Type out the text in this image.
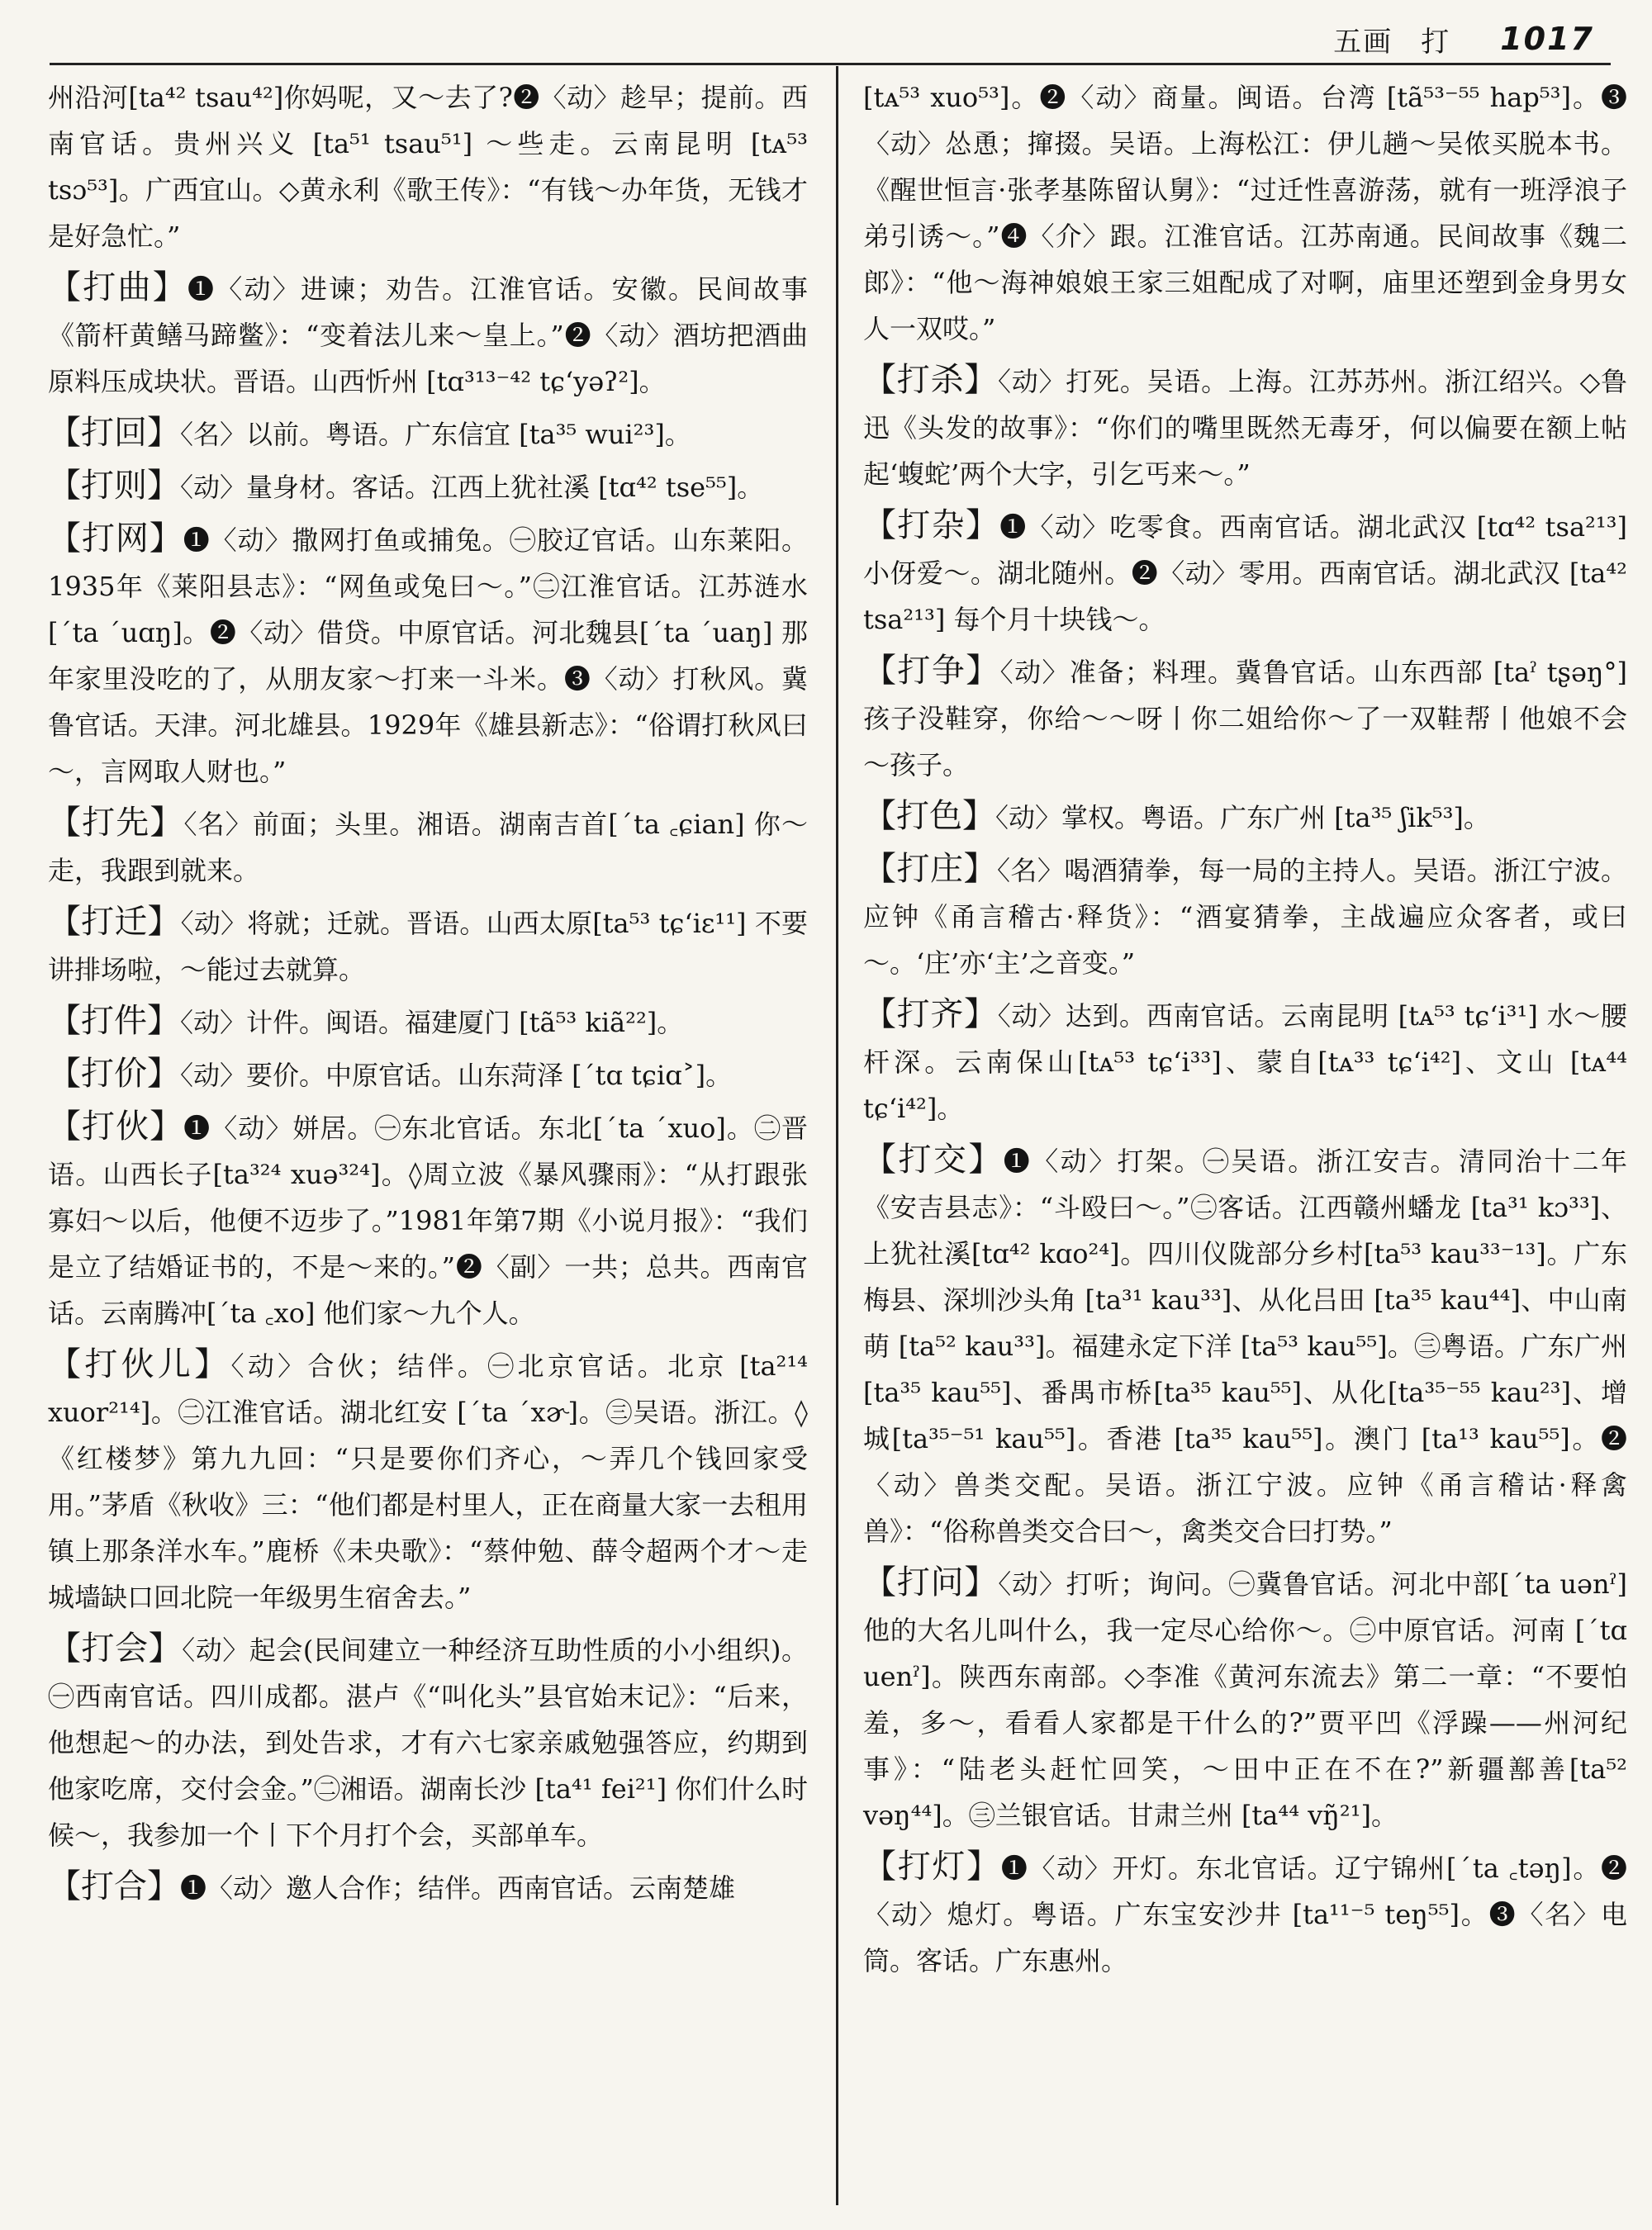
五画 打 1017

州沿河[ta⁴² tsau⁴²]你妈呢，又～去了?❷〈动〉趁早；提前。西南官话。贵州兴义 [ta⁵¹ tsau⁵¹] ～些走。云南昆明 [tᴀ⁵³ tsɔ⁵³]。广西宜山。◇黄永利《歌王传》：“有钱～办年货，无钱才是好急忙。”

【 打曲 】 ❶〈动〉进谏；劝告。江淮官话。安徽。民间故事《箭杆黄鳝马蹄鳖》：“变着法儿来～皇上。”❷〈动〉酒坊把酒曲原料压成块状。晋语。山西忻州 [tɑ³¹³⁻⁴² tɕʻyəʔ²]。

【 打回 】 〈名〉以前。粤语。广东信宜 [ta³⁵ wui²³]。

【 打则 】 〈动〉量身材。客话。江西上犹社溪 [tɑ⁴² tse⁵⁵]。

【 打网 】 ❶〈动〉撒网打鱼或捕兔。㊀胶辽官话。山东莱阳。1935年《莱阳县志》：“网鱼或兔曰～。”㊁江淮官话。江苏涟水[ˊta ˊuɑŋ]。❷〈动〉借贷。中原官话。河北魏县[ˊta ˊuaŋ] 那年家里没吃的了，从朋友家～打来一斗米。❸〈动〉打秋风。冀鲁官话。天津。河北雄县。1929年《雄县新志》：“俗谓打秋风曰～，言网取人财也。”

【 打先 】 〈名〉前面；头里。湘语。湖南吉首[ˊta ꜀ɕian] 你～走，我跟到就来。

【 打迁 】 〈动〉将就；迁就。晋语。山西太原[ta⁵³ tɕʻiɛ¹¹] 不要讲排场啦，～能过去就算。

【 打件 】 〈动〉计件。闽语。福建厦门 [tã⁵³ kiã²²]。

【 打价 】 〈动〉要价。中原官话。山东菏泽 [ˊtɑ tɕiɑ˃]。

【 打伙 】 ❶〈动〉姘居。㊀东北官话。东北[ˊta ˊxuo]。㊁晋语。山西长子[ta³²⁴ xuə³²⁴]。◊周立波《暴风骤雨》：“从打跟张寡妇～以后，他便不迈步了。”1981年第7期《小说月报》：“我们是立了结婚证书的，不是～来的。”❷〈副〉一共；总共。西南官话。云南腾冲[ˊta ꜀xo] 他们家～九个人。

【 打伙儿 】 〈动〉合伙；结伴。㊀北京官话。北京 [ta²¹⁴ xuor²¹⁴]。㊁江淮官话。湖北红安 [ˊta ˊxɚ]。㊂吴语。浙江。◊《红楼梦》第九九回：“只是要你们齐心，～弄几个钱回家受用。”茅盾《秋收》三：“他们都是村里人，正在商量大家一去租用镇上那条洋水车。”鹿桥《未央歌》：“蔡仲勉、薛令超两个才～走城墙缺口回北院一年级男生宿舍去。”

【 打会 】 〈动〉起会(民间建立一种经济互助性质的小小组织)。㊀西南官话。四川成都。湛卢《“叫化头”县官始末记》：“后来，他想起～的办法，到处告求，才有六七家亲戚勉强答应，约期到他家吃席，交付会金。”㊁湘语。湖南长沙 [ta⁴¹ fei²¹] 你们什么时候～，我参加一个丨下个月打个会，买部单车。

【 打合 】 ❶〈动〉邀人合作；结伴。西南官话。云南楚雄

[tᴀ⁵³ xuo⁵³]。❷〈动〉商量。闽语。台湾 [tã⁵³⁻⁵⁵ hap⁵³]。❸〈动〉怂恿；撺掇。吴语。上海松江：伊儿趟～吴侬买脱本书。《醒世恒言·张孝基陈留认舅》：“过迁性喜游荡，就有一班浮浪子弟引诱～。”❹〈介〉跟。江淮官话。江苏南通。民间故事《魏二郎》：“他～海神娘娘王家三姐配成了对啊，庙里还塑到金身男女人一双哎。”

【 打杀 】 〈动〉打死。吴语。上海。江苏苏州。浙江绍兴。◇鲁迅《头发的故事》：“你们的嘴里既然无毒牙，何以偏要在额上帖起‘蝮蛇’两个大字，引乞丐来～。”

【 打杂 】 ❶〈动〉吃零食。西南官话。湖北武汉 [tɑ⁴² tsa²¹³] 小伢爱～。湖北随州。❷〈动〉零用。西南官话。湖北武汉 [ta⁴² tsa²¹³] 每个月十块钱～。

【 打争 】 〈动〉准备；料理。冀鲁官话。山东西部 [taˀ tʂəŋ°] 孩子没鞋穿，你给～～呀丨你二姐给你～了一双鞋帮丨他娘不会～孩子。

【 打色 】 〈动〉掌权。粤语。广东广州 [ta³⁵ ʃik⁵³]。

【 打庄 】 〈名〉喝酒猜拳，每一局的主持人。吴语。浙江宁波。应钟《甬言稽古·释货》：“酒宴猜拳，主战遍应众客者，或曰～。‘庄’亦‘主’之音变。”

【 打齐 】 〈动〉达到。西南官话。云南昆明 [tᴀ⁵³ tɕʻi³¹] 水～腰杆深。云南保山[tᴀ⁵³ tɕʻi³³]、蒙自[tᴀ³³ tɕʻi⁴²]、文山 [tᴀ⁴⁴ tɕʻi⁴²]。

【 打交 】 ❶〈动〉打架。㊀吴语。浙江安吉。清同治十二年《安吉县志》：“斗殴曰～。”㊁客话。江西赣州蟠龙 [ta³¹ kɔ³³]、上犹社溪[tɑ⁴² kɑo²⁴]。四川仪陇部分乡村[ta⁵³ kau³³⁻¹³]。广东梅县、深圳沙头角 [ta³¹ kau³³]、从化吕田 [ta³⁵ kau⁴⁴]、中山南萌 [ta⁵² kau³³]。福建永定下洋 [ta⁵³ kau⁵⁵]。㊂粤语。广东广州[ta³⁵ kau⁵⁵]、番禺市桥[ta³⁵ kau⁵⁵]、从化[ta³⁵⁻⁵⁵ kau²³]、增城[ta³⁵⁻⁵¹ kau⁵⁵]。香港 [ta³⁵ kau⁵⁵]。澳门 [ta¹³ kau⁵⁵]。❷〈动〉兽类交配。吴语。浙江宁波。应钟《甬言稽诂·释禽兽》：“俗称兽类交合曰～，禽类交合曰打势。”

【 打问 】 〈动〉打听；询问。㊀冀鲁官话。河北中部[ˊta uənˀ] 他的大名儿叫什么，我一定尽心给你～。㊁中原官话。河南 [ˊtɑ uenˀ]。陕西东南部。◇李准《黄河东流去》第二一章：“不要怕羞，多～，看看人家都是干什么的?”贾平凹《浮躁——州河纪事》：“陆老头赶忙回笑，～田中正在不在?”新疆鄯善[ta⁵² vəŋ⁴⁴]。㊂兰银官话。甘肃兰州 [ta⁴⁴ vŋ̃²¹]。

【 打灯 】 ❶〈动〉开灯。东北官话。辽宁锦州[ˊta ꜀təŋ]。❷〈动〉熄灯。粤语。广东宝安沙井 [ta¹¹⁻⁵ teŋ⁵⁵]。❸〈名〉电筒。客话。广东惠州。
